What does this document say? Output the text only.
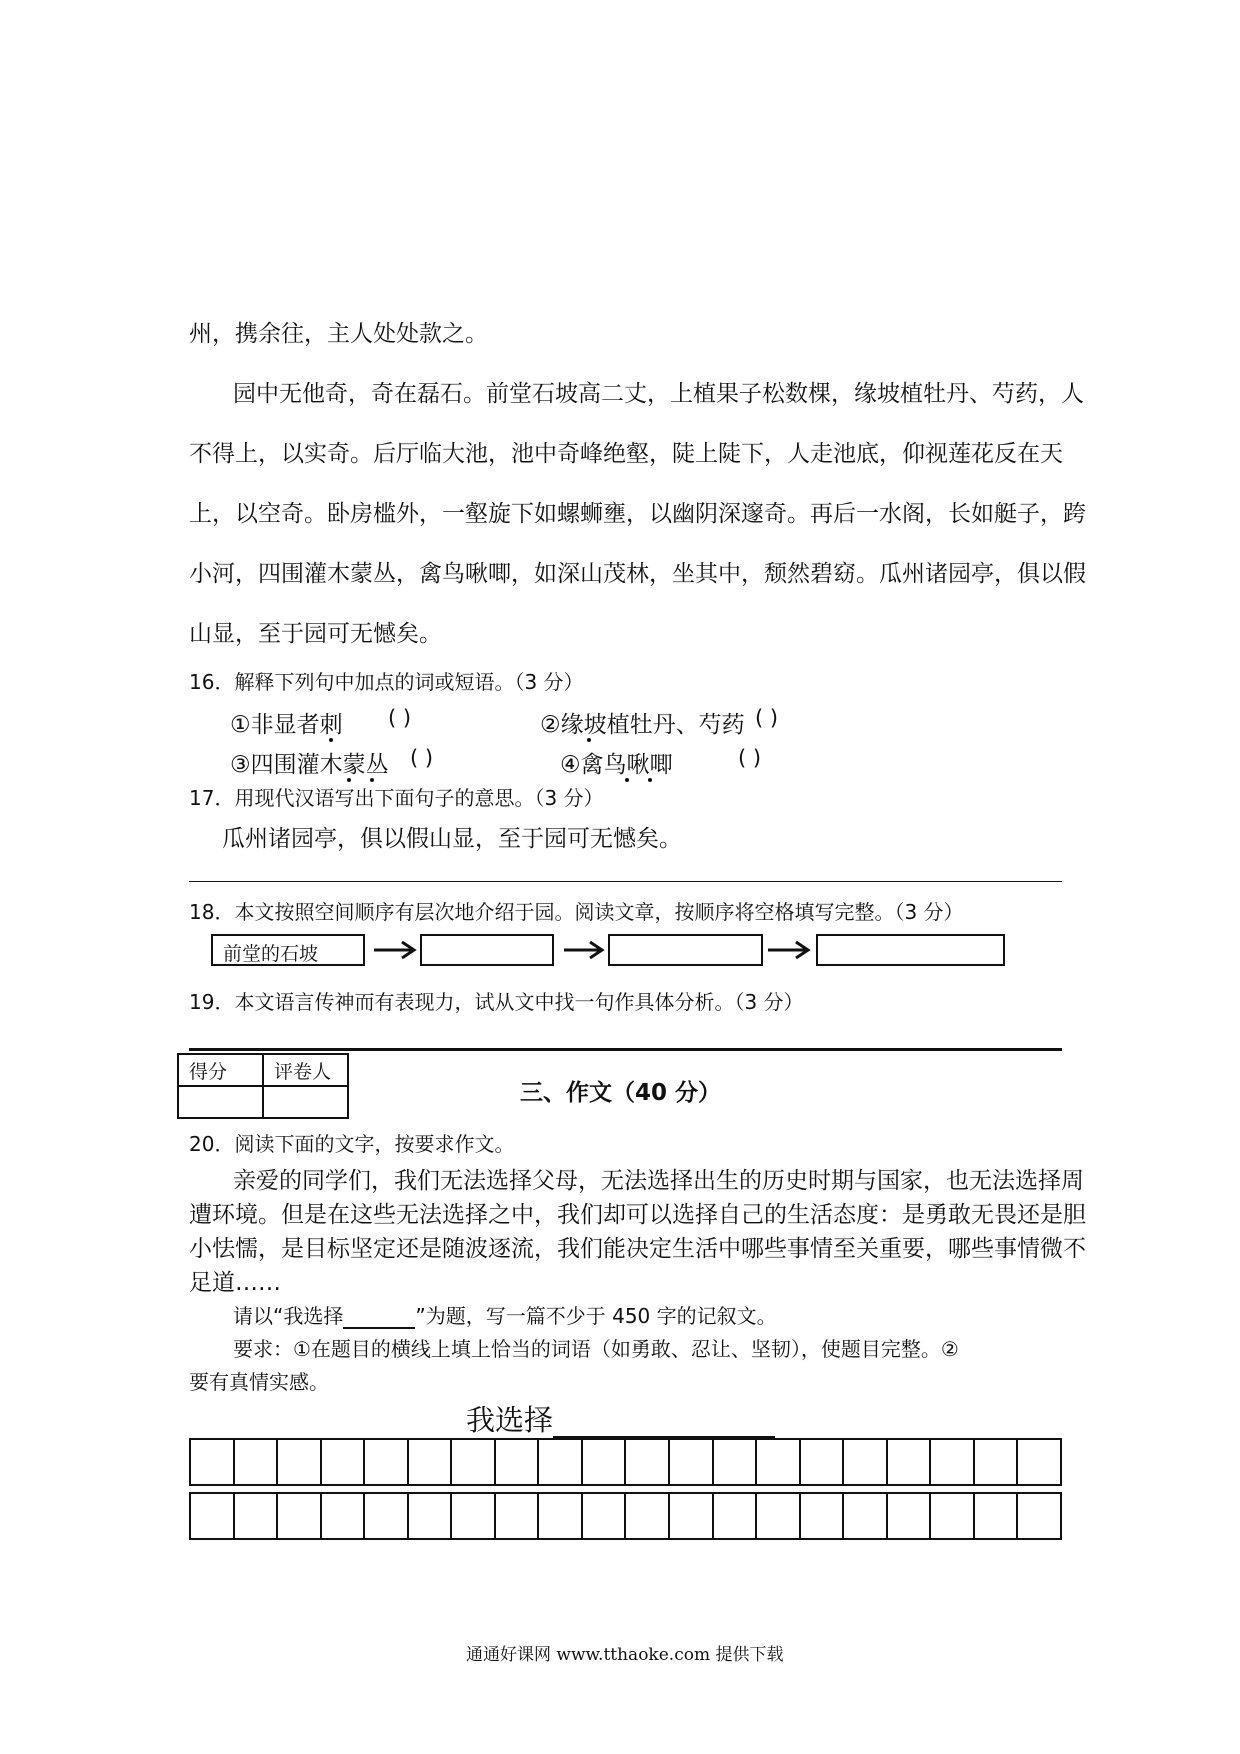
州，携余往，主人处处款之。
园中无他奇，奇在磊石。前堂石坡高二丈，上植果子松数棵，缘坡植牡丹、芍药，人
不得上，以实奇。后厅临大池，池中奇峰绝壑，陡上陡下，人走池底，仰视莲花反在天
上，以空奇。卧房槛外，一壑旋下如螺蛳壅，以幽阴深邃奇。再后一水阁，长如艇子，跨
小河，四围灌木蒙丛，禽鸟啾唧，如深山茂林，坐其中，颓然碧窈。瓜州诸园亭，俱以假
山显，至于园可无憾矣。
16．解释下列句中加点的词或短语。（3 分）
①非显者刺 ( )	②缘坡植牡丹、芍药 ( )
③四围灌木蒙丛 ( )	④禽鸟啾唧	( )
17．用现代汉语写出下面句子的意思。（3 分）
瓜州诸园亭，俱以假山显，至于园可无憾矣。
18．本文按照空间顺序有层次地介绍于园。阅读文章，按顺序将空格填写完整。（3 分）
前堂的石坡
19．本文语言传神而有表现力，试从文中找一句作具体分析。（3 分）
得分	评卷人

三、作文（40 分）
20．阅读下面的文字，按要求作文。
亲爱的同学们，我们无法选择父母，无法选择出生的历史时期与国家，也无法选择周
遭环境。但是在这些无法选择之中，我们却可以选择自己的生活态度：是勇敢无畏还是胆
小怯懦，是目标坚定还是随波逐流，我们能决定生活中哪些事情至关重要，哪些事情微不
足道……
请以“我选择	”为题，写一篇不少于 450 字的记叙文。
要求：①在题目的横线上填上恰当的词语（如勇敢、忍让、坚韧），使题目完整。②
要有真情实感。
我选择
通通好课网 www.tthaoke.com 提供下载
